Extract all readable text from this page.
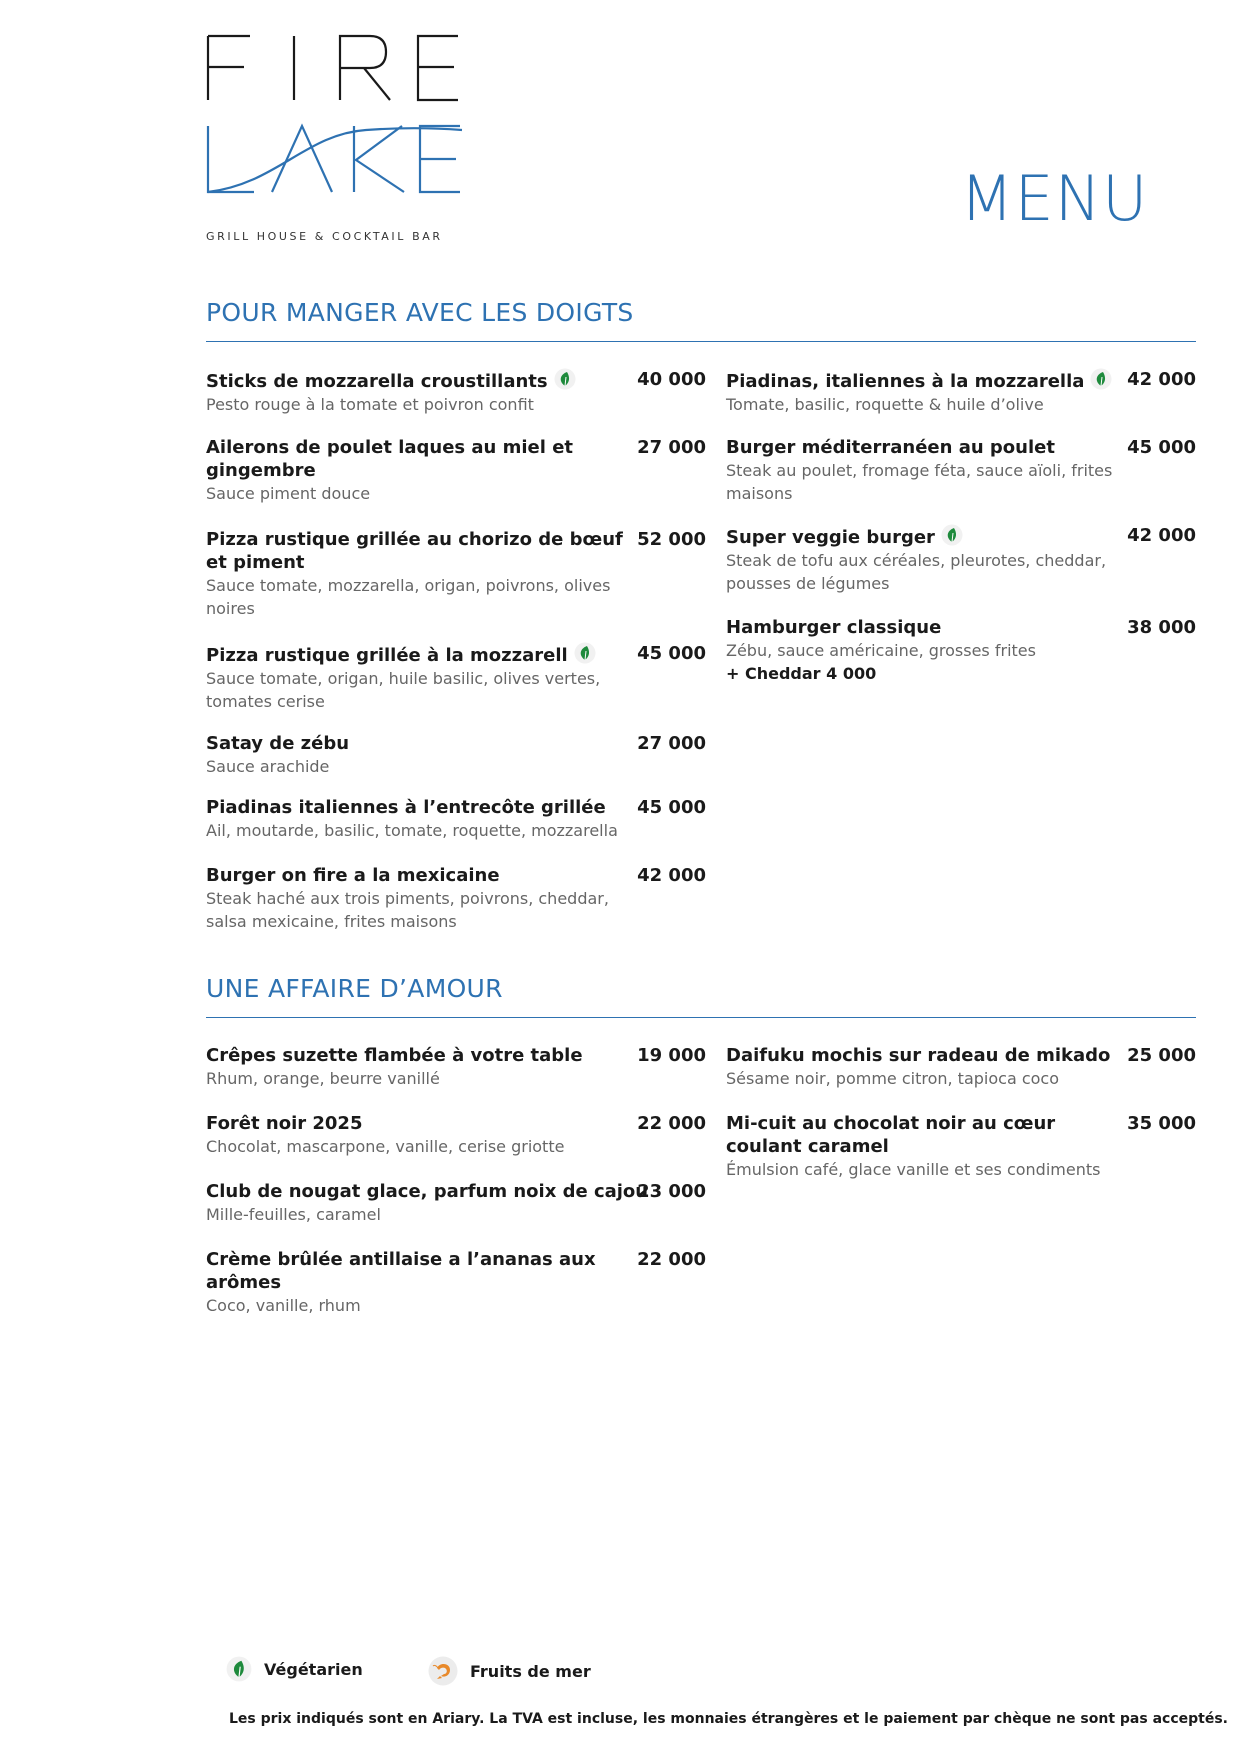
GRILL HOUSE & COCKTAIL BAR
MENU
POUR MANGER AVEC LES DOIGTS
Sticks de mozzarella croustillants
Pesto rouge à la tomate et poivron confit
40 000
Ailerons de poulet laques au miel et gingembre
Sauce piment douce
27 000
Pizza rustique grillée au chorizo de bœuf et piment
Sauce tomate, mozzarella, origan, poivrons, olives noires
52 000
Pizza rustique grillée à la mozzarell
Sauce tomate, origan, huile basilic, olives vertes, tomates cerise
45 000
Satay de zébu
Sauce arachide
27 000
Piadinas italiennes à l’entrecôte grillée
Ail, moutarde, basilic, tomate, roquette, mozzarella
45 000
Burger on fire a la mexicaine
Steak haché aux trois piments, poivrons, cheddar, salsa mexicaine, frites maisons
42 000
Piadinas, italiennes à la mozzarella
Tomate, basilic, roquette & huile d’olive
42 000
Burger méditerranéen au poulet
Steak au poulet, fromage féta, sauce aïoli, frites maisons
45 000
Super veggie burger
Steak de tofu aux céréales, pleurotes, cheddar, pousses de légumes
42 000
Hamburger classique
Zébu, sauce américaine, grosses frites
+ Cheddar 4 000
38 000
UNE AFFAIRE D’AMOUR
Crêpes suzette flambée à votre table
Rhum, orange, beurre vanillé
19 000
Forêt noir 2025
Chocolat, mascarpone, vanille, cerise griotte
22 000
Club de nougat glace, parfum noix de cajou
Mille-feuilles, caramel
23 000
Crème brûlée antillaise a l’ananas aux arômes
Coco, vanille, rhum
22 000
Daifuku mochis sur radeau de mikado
Sésame noir, pomme citron, tapioca coco
25 000
Mi-cuit au chocolat noir au cœur coulant caramel
Émulsion café, glace vanille et ses condiments
35 000
Végétarien	Fruits de mer
Les prix indiqués sont en Ariary. La TVA est incluse, les monnaies étrangères et le paiement par chèque ne sont pas acceptés.
